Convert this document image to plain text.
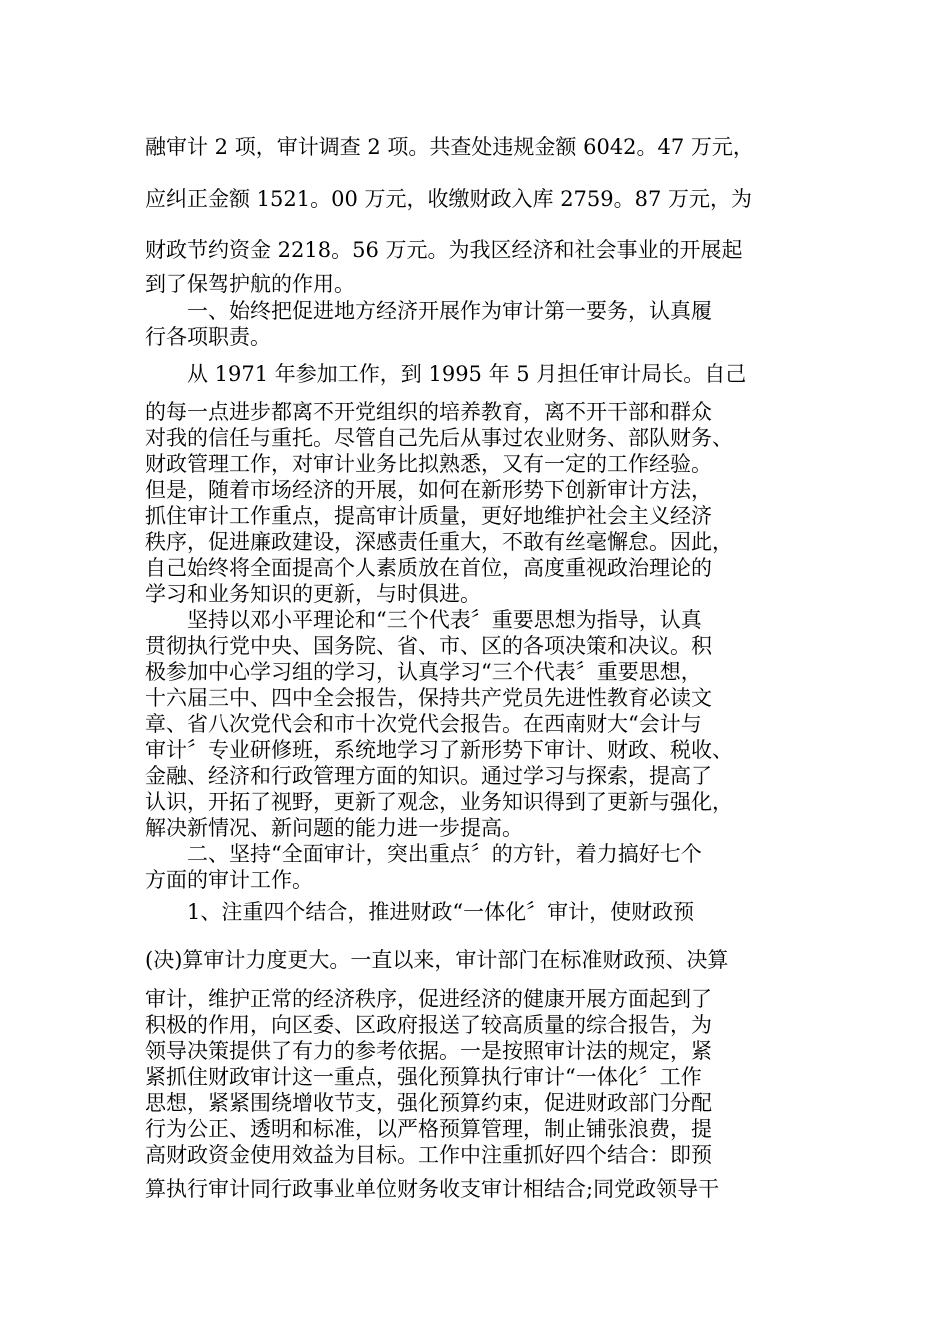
融审计 2 项，审计调查 2 项。共查处违规金额 6042。47 万元，

应纠正金额 1521。00 万元，收缴财政入库 2759。87 万元，为

财政节约资金 2218。56 万元。为我区经济和社会事业的开展起

到了保驾护航的作用。

　　一、始终把促进地方经济开展作为审计第一要务，认真履

行各项职责。

　　从 1971 年参加工作，到 1995 年 5 月担任审计局长。自己

的每一点进步都离不开党组织的培养教育，离不开干部和群众

对我的信任与重托。尽管自己先后从事过农业财务、部队财务、

财政管理工作，对审计业务比拟熟悉，又有一定的工作经验。

但是，随着市场经济的开展，如何在新形势下创新审计方法，

抓住审计工作重点，提高审计质量，更好地维护社会主义经济

秩序，促进廉政建设，深感责任重大，不敢有丝毫懈怠。因此，

自己始终将全面提高个人素质放在首位，高度重视政治理论的

学习和业务知识的更新，与时俱进。

　　坚持以邓小平理论和“三个代表〞重要思想为指导，认真

贯彻执行党中央、国务院、省、市、区的各项决策和决议。积

极参加中心学习组的学习，认真学习“三个代表〞重要思想，

十六届三中、四中全会报告，保持共产党员先进性教育必读文

章、省八次党代会和市十次党代会报告。在西南财大“会计与

审计〞专业研修班，系统地学习了新形势下审计、财政、税收、

金融、经济和行政管理方面的知识。通过学习与探索，提高了

认识，开拓了视野，更新了观念，业务知识得到了更新与强化，

解决新情况、新问题的能力进一步提高。

　　二、坚持“全面审计，突出重点〞的方针，着力搞好七个

方面的审计工作。

　　1、注重四个结合，推进财政“一体化〞审计，使财政预

(决)算审计力度更大。一直以来，审计部门在标准财政预、决算

审计，维护正常的经济秩序，促进经济的健康开展方面起到了

积极的作用，向区委、区政府报送了较高质量的综合报告，为

领导决策提供了有力的参考依据。一是按照审计法的规定，紧

紧抓住财政审计这一重点，强化预算执行审计“一体化〞工作

思想，紧紧围绕增收节支，强化预算约束，促进财政部门分配

行为公正、透明和标准，以严格预算管理，制止铺张浪费，提

高财政资金使用效益为目标。工作中注重抓好四个结合：即预

算执行审计同行政事业单位财务收支审计相结合;同党政领导干
